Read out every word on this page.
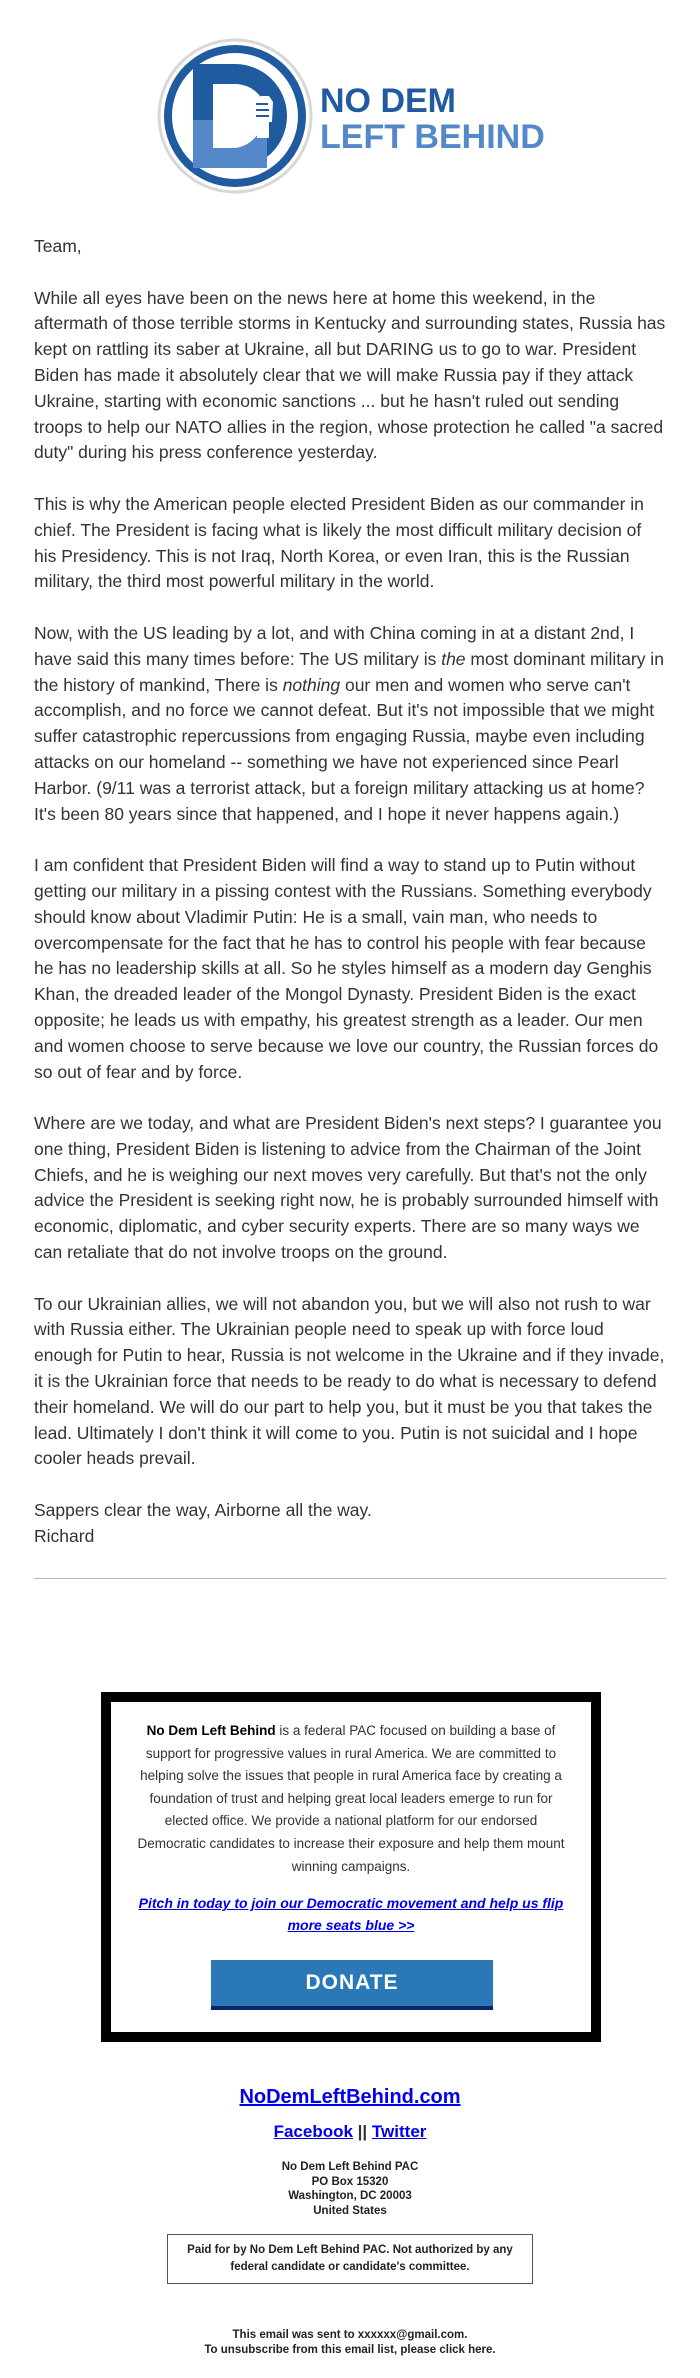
NO DEM
LEFT BEHIND

Team,

While all eyes have been on the news here at home this weekend, in the aftermath of those terrible storms in Kentucky and surrounding states, Russia has kept on rattling its saber at Ukraine, all but DARING us to go to war. President Biden has made it absolutely clear that we will make Russia pay if they attack Ukraine, starting with economic sanctions ... but he hasn't ruled out sending troops to help our NATO allies in the region, whose protection he called "a sacred duty" during his press conference yesterday.

This is why the American people elected President Biden as our commander in chief. The President is facing what is likely the most difficult military decision of his Presidency. This is not Iraq, North Korea, or even Iran, this is the Russian military, the third most powerful military in the world.

Now, with the US leading by a lot, and with China coming in at a distant 2nd, I have said this many times before: The US military is the most dominant military in the history of mankind, There is nothing our men and women who serve can't accomplish, and no force we cannot defeat. But it's not impossible that we might suffer catastrophic repercussions from engaging Russia, maybe even including attacks on our homeland -- something we have not experienced since Pearl Harbor. (9/11 was a terrorist attack, but a foreign military attacking us at home? It's been 80 years since that happened, and I hope it never happens again.)

I am confident that President Biden will find a way to stand up to Putin without getting our military in a pissing contest with the Russians. Something everybody should know about Vladimir Putin: He is a small, vain man, who needs to overcompensate for the fact that he has to control his people with fear because he has no leadership skills at all. So he styles himself as a modern day Genghis Khan, the dreaded leader of the Mongol Dynasty. President Biden is the exact opposite; he leads us with empathy, his greatest strength as a leader. Our men and women choose to serve because we love our country, the Russian forces do so out of fear and by force.

Where are we today, and what are President Biden's next steps? I guarantee you one thing, President Biden is listening to advice from the Chairman of the Joint Chiefs, and he is weighing our next moves very carefully. But that's not the only advice the President is seeking right now, he is probably surrounded himself with economic, diplomatic, and cyber security experts. There are so many ways we can retaliate that do not involve troops on the ground.

To our Ukrainian allies, we will not abandon you, but we will also not rush to war with Russia either. The Ukrainian people need to speak up with force loud enough for Putin to hear, Russia is not welcome in the Ukraine and if they invade, it is the Ukrainian force that needs to be ready to do what is necessary to defend their homeland. We will do our part to help you, but it must be you that takes the lead. Ultimately I don't think it will come to you. Putin is not suicidal and I hope cooler heads prevail.

Sappers clear the way, Airborne all the way.
Richard

No Dem Left Behind is a federal PAC focused on building a base of support for progressive values in rural America. We are committed to helping solve the issues that people in rural America face by creating a foundation of trust and helping great local leaders emerge to run for elected office. We provide a national platform for our endorsed Democratic candidates to increase their exposure and help them mount winning campaigns.
Pitch in today to join our Democratic movement and help us flip more seats blue >>
DONATE
NoDemLeftBehind.com
Facebook || Twitter
No Dem Left Behind PAC
PO Box 15320
Washington, DC 20003
United States
Paid for by No Dem Left Behind PAC. Not authorized by any federal candidate or candidate's committee.
This email was sent to xxxxxx@gmail.com.
To unsubscribe from this email list, please click here.
